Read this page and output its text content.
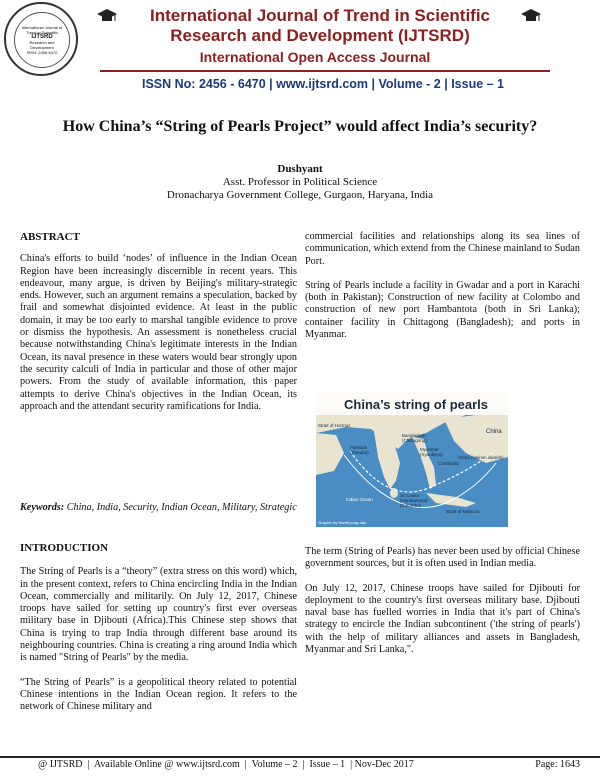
International Journal of
Trend in Scientific
IJTSRD
Research and
Development
ISSN: 2456-6470
International Journal of Trend in Scientific
Research and Development (IJTSRD)
International Open Access Journal
ISSN No: 2456 - 6470 | www.ijtsrd.com | Volume - 2 | Issue – 1
How China’s “String of Pearls Project” would affect India’s security?
Dushyant
Asst. Professor in Political Science
Dronacharya Government College, Gurgaon, Haryana, India
ABSTRACT

China's efforts to build ‘nodes’ of influence in the Indian Ocean Region have been increasingly discernible in recent years. This endeavour, many argue, is driven by Beijing's military-strategic ends. However, such an argument remains a speculation, backed by frail and somewhat disjointed evidence. At least in the public domain, it may be too early to marshal tangible evidence to prove or dismiss the hypothesis. An assessment is nonetheless crucial because notwithstanding China's legitimate interests in the Indian Ocean, its naval presence in these waters would bear strongly upon the security calculi of India in particular and those of other major powers. From the study of available information, this paper attempts to derive China's objectives in the Indian Ocean, its approach and the attendant security ramifications for India.

Keywords: China, India, Security, Indian Ocean, Military, Strategic
INTRODUCTION

The String of Pearls is a “theory” (extra stress on this word) which, in the present context, refers to China encircling India in the Indian Ocean, commercially and militarily. On July 12, 2017, Chinese troops have sailed for setting up country's first ever overseas military base in Djibouti (Africa).This Chinese step shows that China is trying to trap India through different base around its neighbouring countries. China is creating a ring around India which is named "String of Pearls" by the media.

“The String of Pearls” is a geopolitical theory related to potential Chinese intentions in the Indian Ocean region. It refers to the network of Chinese military and

commercial facilities and relationships along its sea lines of communication, which extend from the Chinese mainland to Sudan Port.

String of Pearls include a facility in Gwadar and a port in Karachi (both in Pakistan); Construction of new facility at Colombo and construction of new port Hambantota (both in Sri Lanka); container facility in Chittagong (Bangladesh); and ports in Myanmar.

China’s string of pearls
Strait of Hormuz
Pakistan
(Gwadar)
Bangladesh
(Chittagong)
Myanmar
(Kyaukpyu)
Cambodia
China
China (Hainan islands)
Indian Ocean
Sri Lanka
(Hambantota)
(Colombo)
Strait of Malacca
Graphic by NamKyung-dan

The term (String of Pearls) has never been used by official Chinese government sources, but it is often used in Indian media.

On July 12, 2017, Chinese troops have sailed for Djibouti for deployment to the country's first overseas military base. Djibouti naval base has fuelled worries in India that it's part of China's strategy to encircle the Indian subcontinent ('the string of pearls') with the help of military alliances and assets in Bangladesh, Myanmar and Sri Lanka,".

@ IJTSRD  |  Available Online @ www.ijtsrd.com  |  Volume – 2  |  Issue – 1  | Nov-Dec 2017	Page: 1643
